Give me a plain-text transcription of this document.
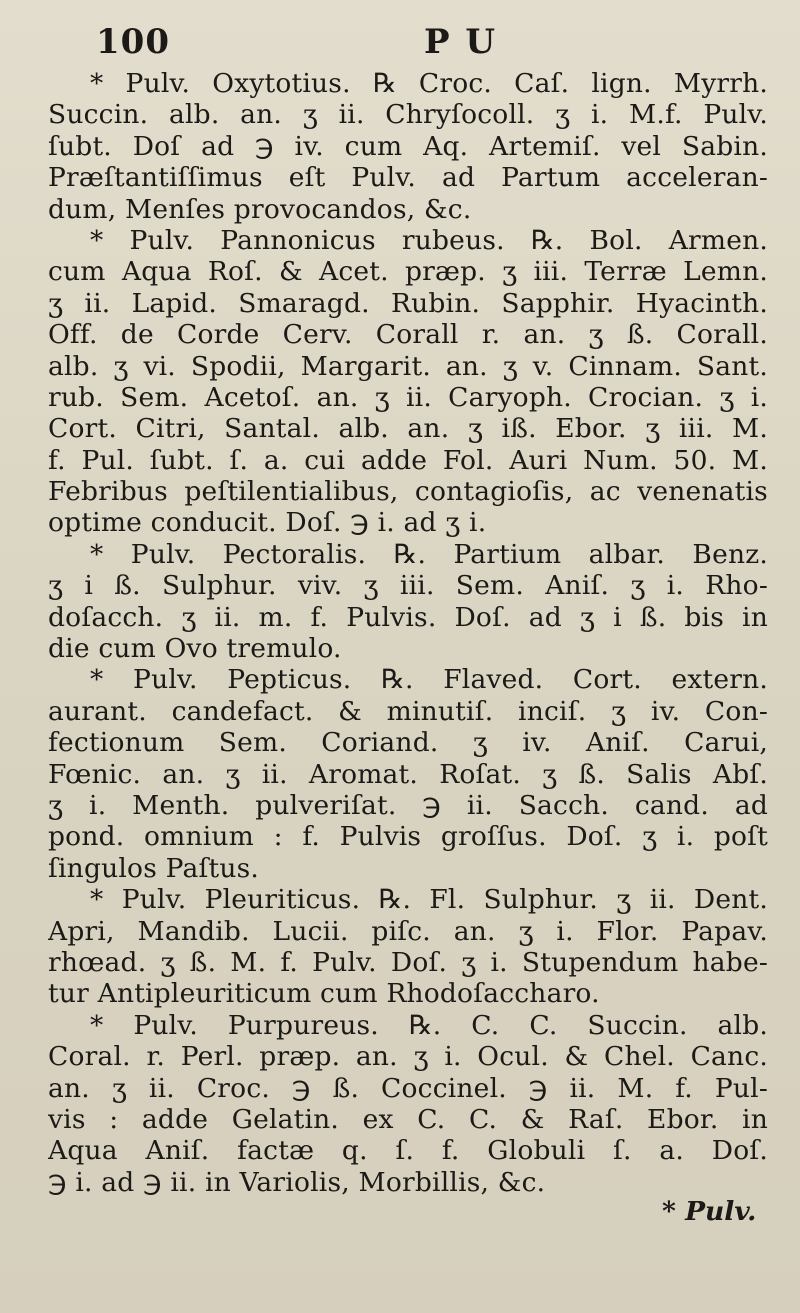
100	P U
* Pulv. Oxytotius. ℞ Croc. Caſ. lign. Myrrh.
Succin. alb. an. ʒ ii. Chryſocoll. ʒ i. M.f. Pulv.
ſubt. Doſ ad ℈ iv. cum Aq. Artemiſ. vel Sabin.
Præſtantiſſimus eſt Pulv. ad Partum acceleran-
dum, Menſes provocandos, &c.
* Pulv. Pannonicus rubeus. ℞. Bol. Armen.
cum Aqua Roſ. & Acet. præp. ʒ iii. Terræ Lemn.
ʒ ii. Lapid. Smaragd. Rubin. Sapphir. Hyacinth.
Off. de Corde Cerv. Corall r. an. ʒ ß. Corall.
alb. ʒ vi. Spodii, Margarit. an. ʒ v. Cinnam. Sant.
rub. Sem. Acetoſ. an. ʒ ii. Caryoph. Crocian. ʒ i.
Cort. Citri, Santal. alb. an. ʒ iß. Ebor. ʒ iii. M.
f. Pul. ſubt. ſ. a. cui adde Fol. Auri Num. 50. M.
Febribus peſtilentialibus, contagioſis, ac venenatis
optime conducit. Doſ. ℈ i. ad ʒ i.
* Pulv. Pectoralis. ℞. Partium albar. Benz.
ʒ i ß. Sulphur. viv. ʒ iii. Sem. Aniſ. ʒ i. Rho-
doſacch. ʒ ii. m. f. Pulvis. Doſ. ad ʒ i ß. bis in
die cum Ovo tremulo.
* Pulv. Pepticus. ℞. Flaved. Cort. extern.
aurant. candefact. & minutiſ. inciſ. ʒ iv. Con-
fectionum Sem. Coriand. ʒ iv. Aniſ. Carui,
Fœnic. an. ʒ ii. Aromat. Roſat. ʒ ß. Salis Abſ.
ʒ i. Menth. pulveriſat. ℈ ii. Sacch. cand. ad
pond. omnium : f. Pulvis groſſus. Doſ. ʒ i. poſt
ſingulos Paſtus.
* Pulv. Pleuriticus. ℞. Fl. Sulphur. ʒ ii. Dent.
Apri, Mandib. Lucii. piſc. an. ʒ i. Flor. Papav.
rhœad. ʒ ß. M. f. Pulv. Doſ. ʒ i. Stupendum habe-
tur Antipleuriticum cum Rhodoſaccharo.
* Pulv. Purpureus. ℞. C. C. Succin. alb.
Coral. r. Perl. præp. an. ʒ i. Ocul. & Chel. Canc.
an. ʒ ii. Croc. ℈ ß. Coccinel. ℈ ii. M. f. Pul-
vis : adde Gelatin. ex C. C. & Raſ. Ebor. in
Aqua Aniſ. factæ q. ſ. f. Globuli ſ. a. Doſ.
℈ i. ad ℈ ii. in Variolis, Morbillis, &c.
* Pulv.
